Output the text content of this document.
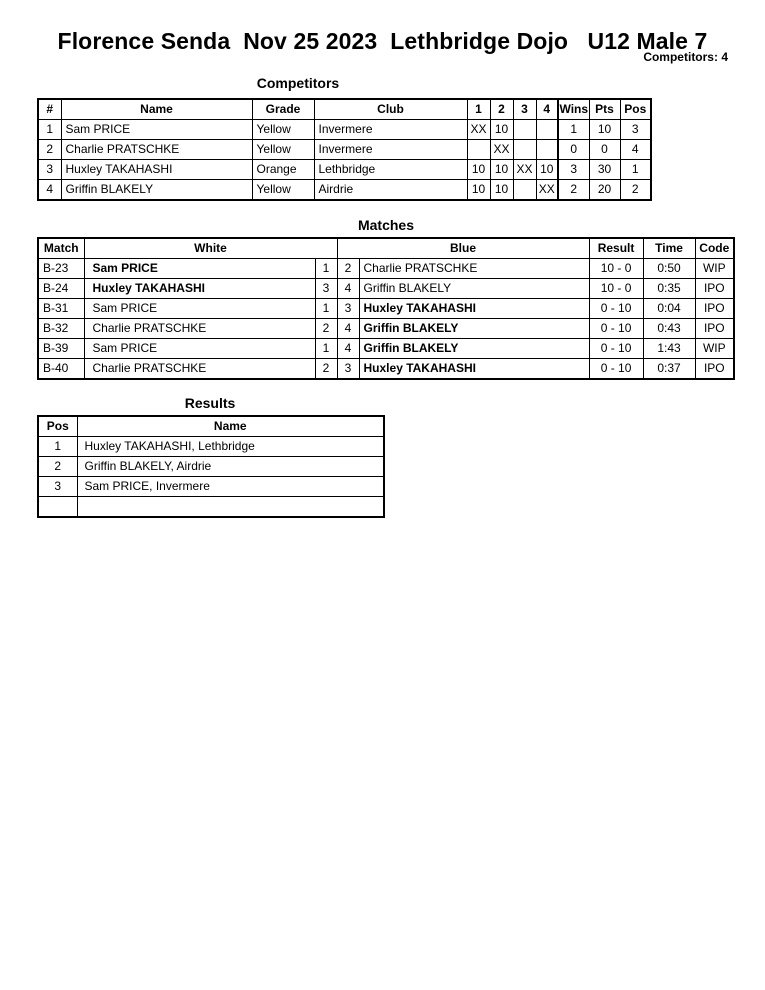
Florence Senda  Nov 25 2023  Lethbridge Dojo   U12 Male 7
Competitors: 4
Competitors
#	Name	Grade	Club	1	2	3	4	Wins	Pts	Pos
1	Sam PRICE	Yellow	Invermere	XX	10			1	10	3
2	Charlie PRATSCHKE	Yellow	Invermere		XX			0	0	4
3	Huxley TAKAHASHI	Orange	Lethbridge	10	10	XX	10	3	30	1
4	Griffin BLAKELY	Yellow	Airdrie	10	10		XX	2	20	2
Matches
Match	White		Blue		Result	Time	Code
B-23	Sam PRICE	1	2	Charlie PRATSCHKE	10 - 0	0:50	WIP
B-24	Huxley TAKAHASHI	3	4	Griffin BLAKELY	10 - 0	0:35	IPO
B-31	Sam PRICE	1	3	Huxley TAKAHASHI	0 - 10	0:04	IPO
B-32	Charlie PRATSCHKE	2	4	Griffin BLAKELY	0 - 10	0:43	IPO
B-39	Sam PRICE	1	4	Griffin BLAKELY	0 - 10	1:43	WIP
B-40	Charlie PRATSCHKE	2	3	Huxley TAKAHASHI	0 - 10	0:37	IPO
Results
Pos	Name
1	Huxley TAKAHASHI, Lethbridge
2	Griffin BLAKELY, Airdrie
3	Sam PRICE, Invermere
